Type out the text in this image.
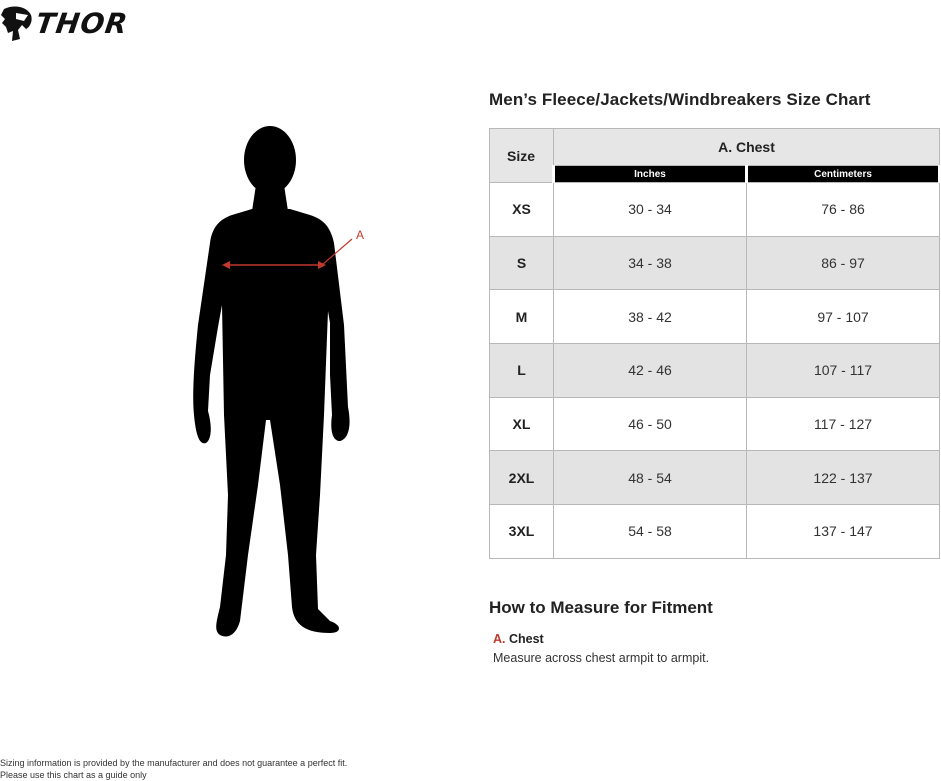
THOR
A
Men’s Fleece/Jackets/Windbreakers Size Chart
Size	A. Chest	
	Inches	Centimeters
XS	30 - 34	76 - 86
S	34 - 38	86 - 97
M	38 - 42	97 - 107
L	42 - 46	107 - 117
XL	46 - 50	117 - 127
2XL	48 - 54	122 - 137
3XL	54 - 58	137 - 147
How to Measure for Fitment
A. Chest
Measure across chest armpit to armpit.
Sizing information is provided by the manufacturer and does not guarantee a perfect fit.
Please use this chart as a guide only
